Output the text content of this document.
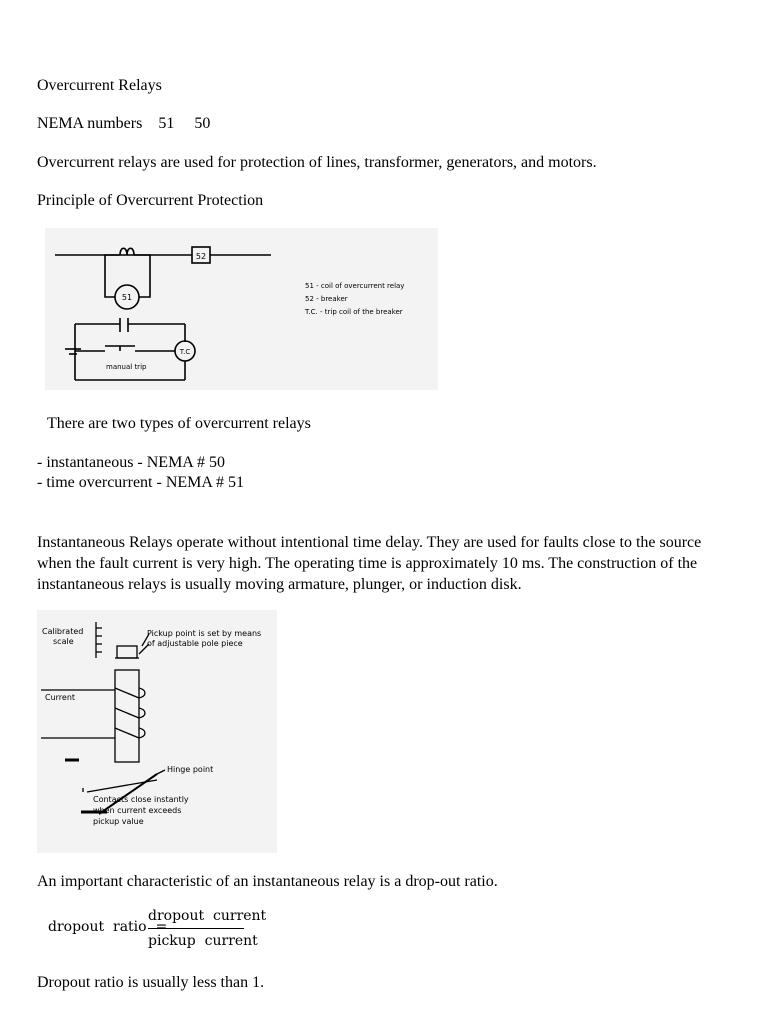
Overcurrent Relays
NEMA numbers    51     50
Overcurrent relays are used for protection of lines, transformer, generators, and motors.
Principle of Overcurrent Protection
52
51
T.C
manual trip
51 - coil of overcurrent relay
52 - breaker
T.C. - trip coil of the breaker
There are two types of overcurrent relays
- instantaneous - NEMA # 50
- time overcurrent - NEMA # 51
Instantaneous Relays operate without intentional time delay. They are used for faults close to the source when the fault current is very high. The operating time is approximately 10 ms. The construction of the instantaneous relays is usually moving armature, plunger, or induction disk.
Calibrated
scale
Pickup point is set by means
of adjustable pole piece
Current
Hinge point
Contacts close instantly
when current exceeds
pickup value
An important characteristic of an instantaneous relay is a drop-out ratio.
dropout  ratio  =
dropout  current
pickup  current
Dropout ratio is usually less than 1.
